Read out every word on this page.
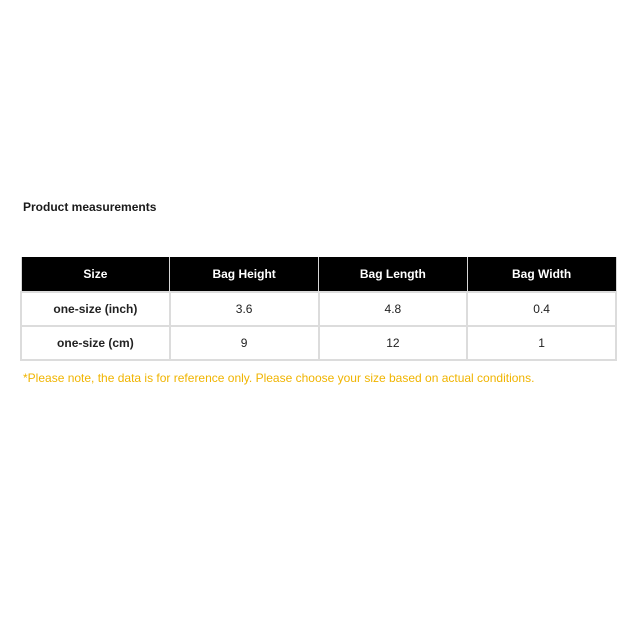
Product measurements
Size	Bag Height	Bag Length	Bag Width
one-size (inch)	3.6	4.8	0.4
one-size (cm)	9	12	1
*Please note, the data is for reference only. Please choose your size based on actual conditions.
